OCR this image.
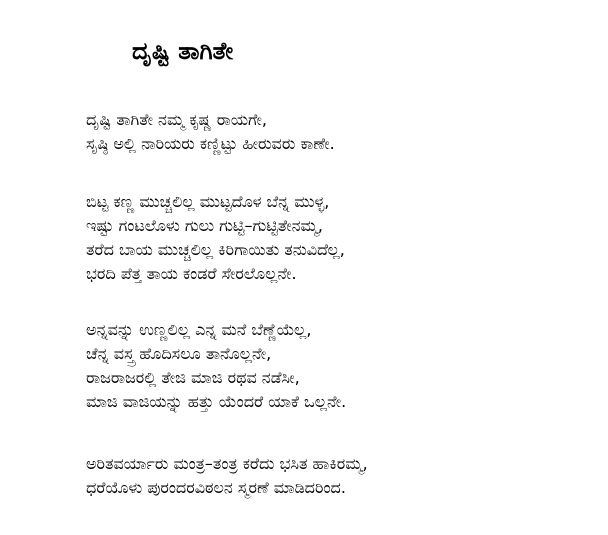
ದೃಷ್ಟಿ ತಾಗಿತೇ
ದೃಷ್ಟಿ ತಾಗಿತೇ ನಮ್ಮ ಕೃಷ್ಣ ರಾಯಗೇ,
ಸೃಷ್ಠಿ ಅಲ್ಲಿ ನಾರಿಯರು ಕಣ್ಣಿಟ್ಟು ಹೀರುವರು ಕಾಣೇ.
ಬಿಟ್ಟ ಕಣ್ಣ ಮುಚ್ಚಲಿಲ್ಲ ಮುಟ್ಟದೊಳ ಬೆನ್ನ ಮುಳ್ಳ,
ಇಷ್ಟು ಗಂಟಲೊಳು ಗುಲು ಗುಟ್ಟಿ–ಗುಟ್ಟಿತೇನಮ್ಮ,
ತರೆದ ಬಾಯ ಮುಚ್ಚಲಿಲ್ಲ ಕಿರಿಗಾಯಿತು ತನುವಿದೆಲ್ಲ,
ಭರದಿ ಪೆತ್ತ ತಾಯ ಕಂಡರೆ ಸೇರಲೊಲ್ಲನೇ.
ಅನ್ನವನ್ನು ಉಣ್ಣಲಿಲ್ಲ ಎನ್ನ ಮನೆ ಬೆಣ್ಣೆಯೆಲ್ಲ,
ಚೆನ್ನ ವಸ್ತ್ರ ಹೊದಿಸಲೂ ತಾನೊಲ್ಲನೇ,
ರಾಜರಾಜರಲ್ಲಿ ತೇಜಿ ಮಾಜಿ ರಥವ ನಡೆಸೀ,
ಮಾಜಿ ವಾಜಿಯನ್ನು ಹತ್ತು ಯೆಂದರೆ ಯಾಕೆ ಒಲ್ಲನೇ.
ಅರಿತವರ್ಯಾರು ಮಂತ್ರ–ತಂತ್ರ ಕರೆದು ಭಸಿತ ಹಾಕಿರಮ್ಮ,
ಧರೆಯೊಳು ಪುರಂದರವಿಠಲನ ಸ್ಮರಣೆ ಮಾಡಿದರಿಂದ.
